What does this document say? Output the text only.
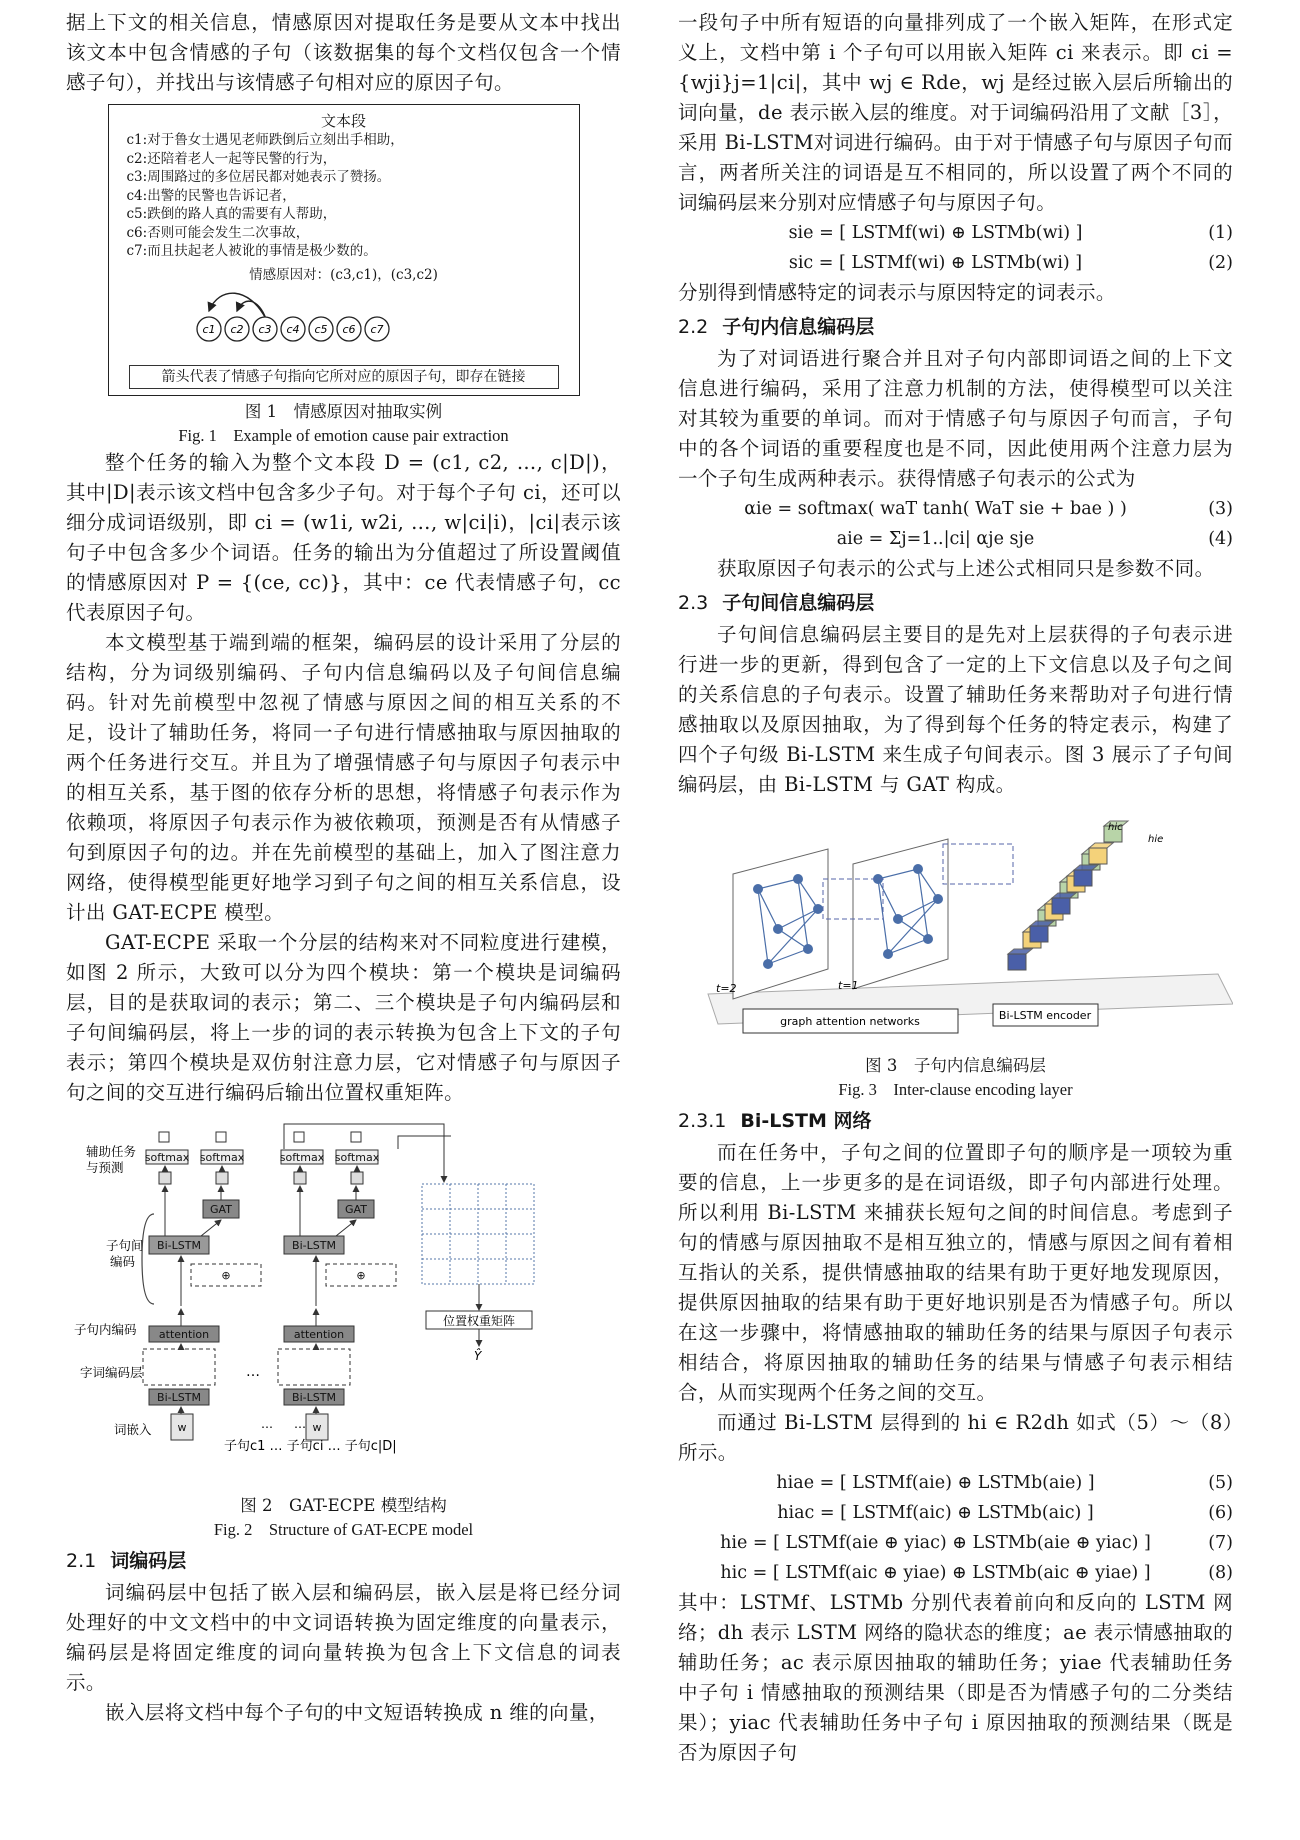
据上下文的相关信息，情感原因对提取任务是要从文本中找出该文本中包含情感的子句（该数据集的每个文档仅包含一个情感子句），并找出与该情感子句相对应的原因子句。

文本段
c1:对于鲁女士遇见老师跌倒后立刻出手相助，
c2:还陪着老人一起等民警的行为，
c3:周围路过的多位居民都对她表示了赞扬。
c4:出警的民警也告诉记者，
c5:跌倒的路人真的需要有人帮助，
c6:否则可能会发生二次事故，
c7:而且扶起老人被讹的事情是极少数的。
情感原因对：(c3,c1)，(c3,c2)
c1 c2 c3 c4 c5 c6 c7
箭头代表了情感子句指向它所对应的原因子句，即存在链接

图 1　情感原因对抽取实例

Fig. 1　Example of emotion cause pair extraction

整个任务的输入为整个文本段 D = (c1, c2, …, c|D|)，其中|D|表示该文档中包含多少子句。对于每个子句 ci，还可以细分成词语级别，即 ci = (w1i, w2i, …, w|ci|i)，|ci|表示该句子中包含多少个词语。任务的输出为分值超过了所设置阈值的情感原因对 P = {(ce, cc)}，其中：ce 代表情感子句，cc 代表原因子句。

本文模型基于端到端的框架，编码层的设计采用了分层的结构，分为词级别编码、子句内信息编码以及子句间信息编码。针对先前模型中忽视了情感与原因之间的相互关系的不足，设计了辅助任务，将同一子句进行情感抽取与原因抽取的两个任务进行交互。并且为了增强情感子句与原因子句表示中的相互关系，基于图的依存分析的思想，将情感子句表示作为依赖项，将原因子句表示作为被依赖项，预测是否有从情感子句到原因子句的边。并在先前模型的基础上，加入了图注意力网络，使得模型能更好地学习到子句之间的相互关系信息，设计出 GAT-ECPE 模型。

GAT-ECPE 采取一个分层的结构来对不同粒度进行建模，如图 2 所示，大致可以分为四个模块：第一个模块是词编码层，目的是获取词的表示；第二、三个模块是子句内编码层和子句间编码层，将上一步的词的表示转换为包含上下文的子句表示；第四个模块是双仿射注意力层，它对情感子句与原因子句之间的交互进行编码后输出位置权重矩阵。

辅助任务
与预测
子句间
编码
子句内编码
字词编码层
词嵌入
softmax softmax
GAT
Bi-LSTM
⊕
attention
Bi-LSTM
w
softmax softmax
GAT
Bi-LSTM
⊕
attention
Bi-LSTM
w
…
… …
位置权重矩阵
Ŷ
子句c1 … 子句ci … 子句c|D|

图 2　GAT-ECPE 模型结构

Fig. 2　Structure of GAT-ECPE model

2.1 词编码层

词编码层中包括了嵌入层和编码层，嵌入层是将已经分词处理好的中文文档中的中文词语转换为固定维度的向量表示，编码层是将固定维度的词向量转换为包含上下文信息的词表示。

嵌入层将文档中每个子句的中文短语转换成 n 维的向量，

一段句子中所有短语的向量排列成了一个嵌入矩阵，在形式定义上，文档中第 i 个子句可以用嵌入矩阵 ci 来表示。即 ci = {wji}j=1|ci|，其中 wj ∈ Rde，wj 是经过嵌入层后所输出的词向量，de 表示嵌入层的维度。对于词编码沿用了文献［3］，采用 Bi-LSTM对词进行编码。由于对于情感子句与原因子句而言，两者所关注的词语是互不相同的，所以设置了两个不同的词编码层来分别对应情感子句与原因子句。

sie = [ LSTMf(wi) ⊕ LSTMb(wi) ]	(1)
sic = [ LSTMf(wi) ⊕ LSTMb(wi) ]	(2)

分别得到情感特定的词表示与原因特定的词表示。

2.2 子句内信息编码层

为了对词语进行聚合并且对子句内部即词语之间的上下文信息进行编码，采用了注意力机制的方法，使得模型可以关注对其较为重要的单词。而对于情感子句与原因子句而言，子句中的各个词语的重要程度也是不同，因此使用两个注意力层为一个子句生成两种表示。获得情感子句表示的公式为

αie = softmax( waT tanh( WaT sie + bae ) )	(3)
aie = Σj=1..|ci| αje sje	(4)

获取原因子句表示的公式与上述公式相同只是参数不同。

2.3 子句间信息编码层

子句间信息编码层主要目的是先对上层获得的子句表示进行进一步的更新，得到包含了一定的上下文信息以及子句之间的关系信息的子句表示。设置了辅助任务来帮助对子句进行情感抽取以及原因抽取，为了得到每个任务的特定表示，构建了四个子句级 Bi-LSTM 来生成子句间表示。图 3 展示了子句间编码层，由 Bi-LSTM 与 GAT 构成。

t=2	t=1
hic
hie
graph attention networks	Bi-LSTM encoder

图 3　子句内信息编码层

Fig. 3　Inter-clause encoding layer

2.3.1 Bi-LSTM 网络

而在任务中，子句之间的位置即子句的顺序是一项较为重要的信息，上一步更多的是在词语级，即子句内部进行处理。所以利用 Bi-LSTM 来捕获长短句之间的时间信息。考虑到子句的情感与原因抽取不是相互独立的，情感与原因之间有着相互指认的关系，提供情感抽取的结果有助于更好地发现原因，提供原因抽取的结果有助于更好地识别是否为情感子句。所以在这一步骤中，将情感抽取的辅助任务的结果与原因子句表示相结合，将原因抽取的辅助任务的结果与情感子句表示相结合，从而实现两个任务之间的交互。

而通过 Bi-LSTM 层得到的 hi ∈ R2dh 如式（5）～（8）所示。

hiae = [ LSTMf(aie) ⊕ LSTMb(aie) ]	(5)
hiac = [ LSTMf(aic) ⊕ LSTMb(aic) ]	(6)
hie = [ LSTMf(aie ⊕ yiac) ⊕ LSTMb(aie ⊕ yiac) ]	(7)
hic = [ LSTMf(aic ⊕ yiae) ⊕ LSTMb(aic ⊕ yiae) ]	(8)

其中：LSTMf、LSTMb 分别代表着前向和反向的 LSTM 网络；dh 表示 LSTM 网络的隐状态的维度；ae 表示情感抽取的辅助任务；ac 表示原因抽取的辅助任务；yiae 代表辅助任务中子句 i 情感抽取的预测结果（即是否为情感子句的二分类结果）；yiac 代表辅助任务中子句 i 原因抽取的预测结果（既是否为原因子句
